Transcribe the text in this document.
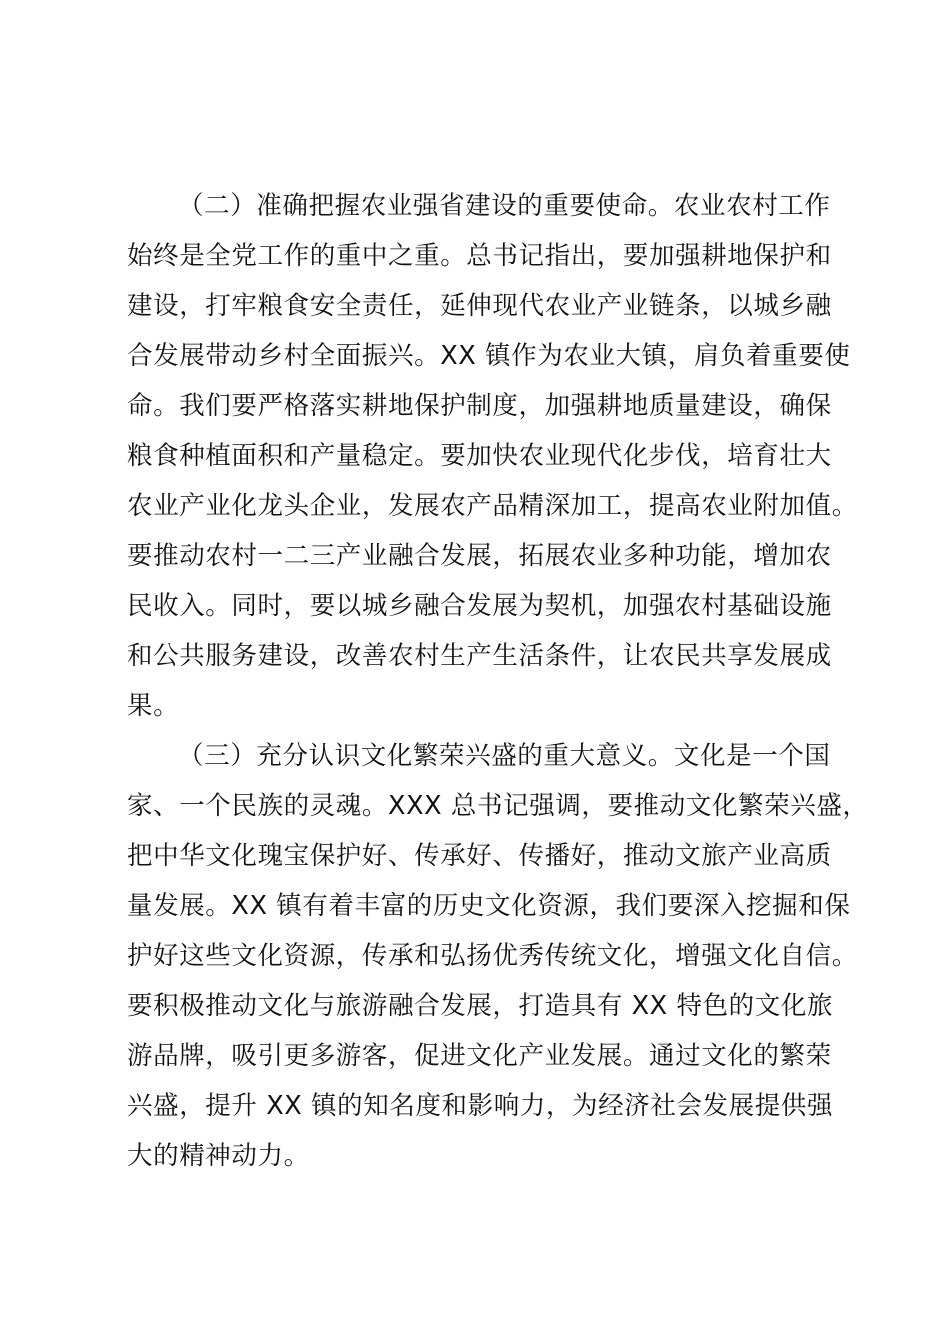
（二）准确把握农业强省建设的重要使命。农业农村工作

始终是全党工作的重中之重。总书记指出，要加强耕地保护和

建设，打牢粮食安全责任，延伸现代农业产业链条，以城乡融

合发展带动乡村全面振兴。XX 镇作为农业大镇，肩负着重要使

命。我们要严格落实耕地保护制度，加强耕地质量建设，确保

粮食种植面积和产量稳定。要加快农业现代化步伐，培育壮大

农业产业化龙头企业，发展农产品精深加工，提高农业附加值。

要推动农村一二三产业融合发展，拓展农业多种功能，增加农

民收入。同时，要以城乡融合发展为契机，加强农村基础设施

和公共服务建设，改善农村生产生活条件，让农民共享发展成

果。

（三）充分认识文化繁荣兴盛的重大意义。文化是一个国

家、一个民族的灵魂。XXX 总书记强调，要推动文化繁荣兴盛，

把中华文化瑰宝保护好、传承好、传播好，推动文旅产业高质

量发展。XX 镇有着丰富的历史文化资源，我们要深入挖掘和保

护好这些文化资源，传承和弘扬优秀传统文化，增强文化自信。

要积极推动文化与旅游融合发展，打造具有 XX 特色的文化旅

游品牌，吸引更多游客，促进文化产业发展。通过文化的繁荣

兴盛，提升 XX 镇的知名度和影响力，为经济社会发展提供强

大的精神动力。
